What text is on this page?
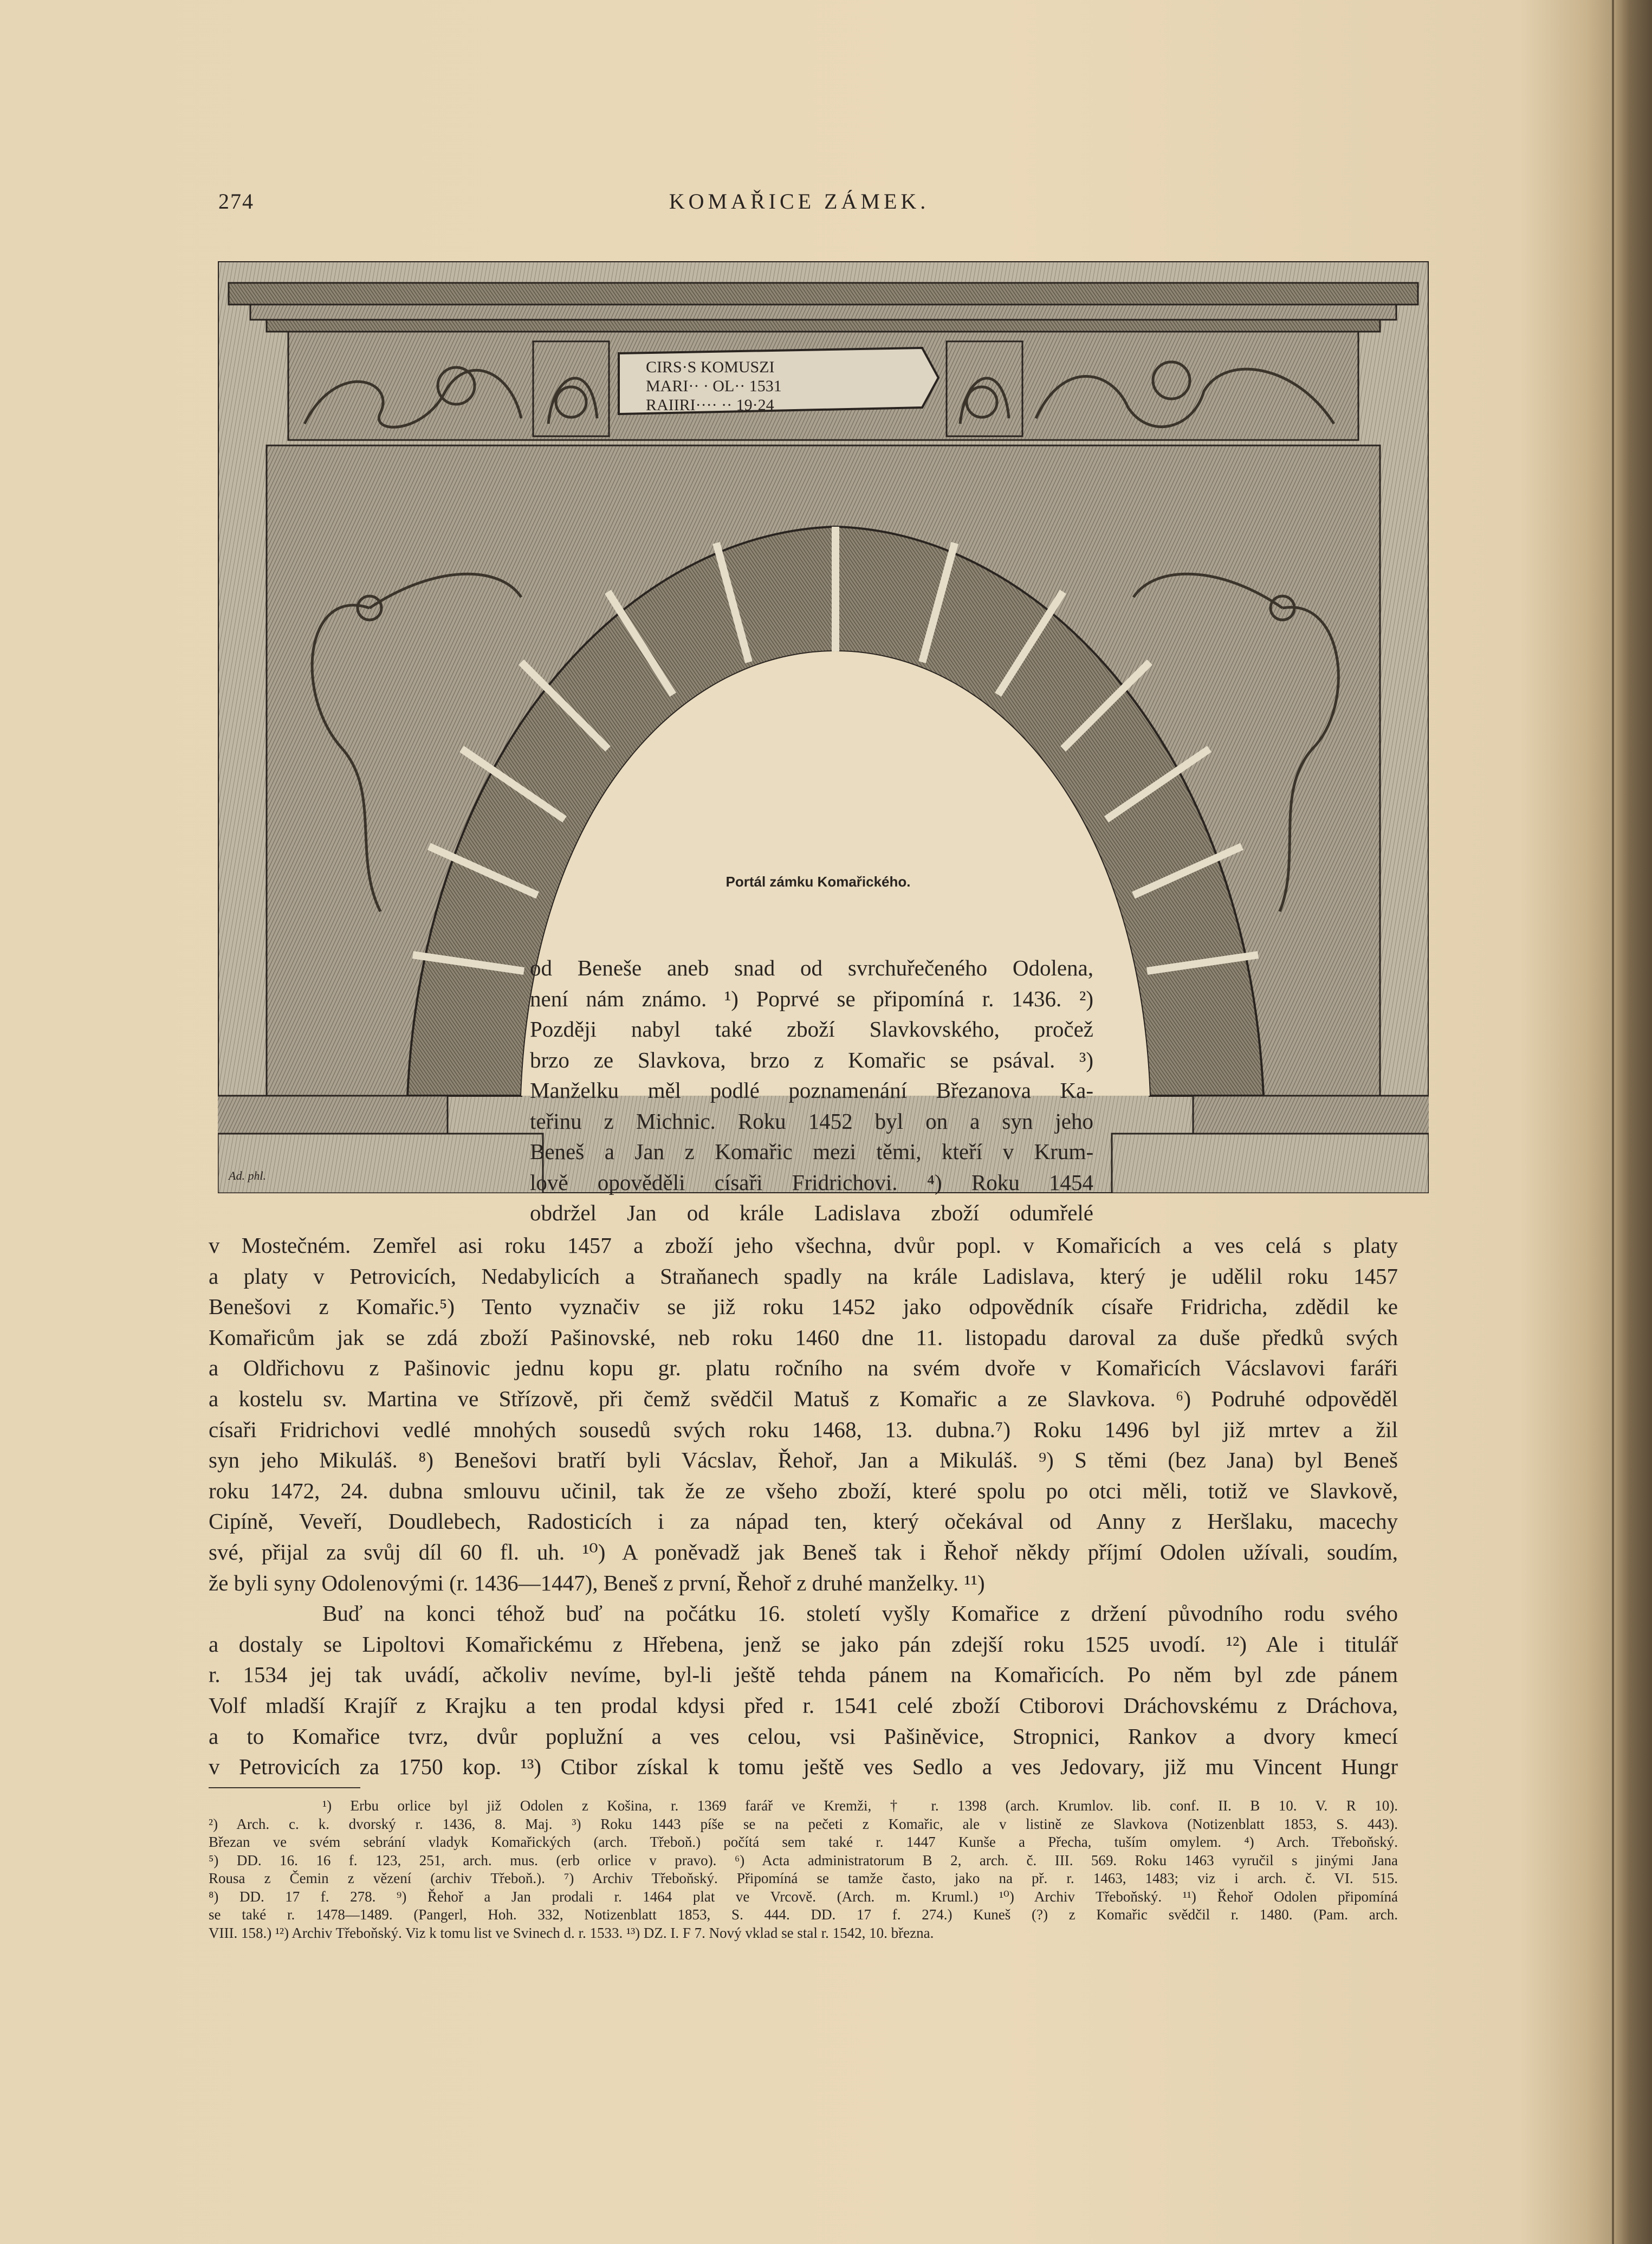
274	KOMAŘICE ZÁMEK.
CIRS·S KOMUSZI
MARI·· · OL·· 1531
RAIIRI···· ·· 19·24
Ad. phl.
Portál zámku Komařického.

od Beneše aneb snad od svrchuřečeného Odolena,

není nám známo. ¹) Poprvé se připomíná r. 1436. ²)

Později nabyl také zboží Slavkovského, pročež

brzo ze Slavkova, brzo z Komařic se psával. ³)

Manželku měl podlé poznamenání Březanova Ka-

teřinu z Michnic. Roku 1452 byl on a syn jeho

Beneš a Jan z Komařic mezi těmi, kteří v Krum-

lově opověděli císaři Fridrichovi. ⁴) Roku 1454

obdržel Jan od krále Ladislava zboží odumřelé

v Mostečném. Zemřel asi roku 1457 a zboží jeho všechna, dvůr popl. v Komařicích a ves celá s platy

a platy v Petrovicích, Nedabylicích a Straňanech spadly na krále Ladislava, který je udělil roku 1457

Benešovi z Komařic.⁵) Tento vyznačiv se již roku 1452 jako odpovědník císaře Fridricha, zdědil ke

Komařicům jak se zdá zboží Pašinovské, neb roku 1460 dne 11. listopadu daroval za duše předků svých

a Oldřichovu z Pašinovic jednu kopu gr. platu ročního na svém dvoře v Komařicích Vácslavovi faráři

a kostelu sv. Martina ve Střízově, při čemž svědčil Matuš z Komařic a ze Slavkova. ⁶) Podruhé odpověděl

císaři Fridrichovi vedlé mnohých sousedů svých roku 1468, 13. dubna.⁷) Roku 1496 byl již mrtev a žil

syn jeho Mikuláš. ⁸) Benešovi bratří byli Vácslav, Řehoř, Jan a Mikuláš. ⁹) S těmi (bez Jana) byl Beneš

roku 1472, 24. dubna smlouvu učinil, tak že ze všeho zboží, které spolu po otci měli, totiž ve Slavkově,

Cipíně, Veveří, Doudlebech, Radosticích i za nápad ten, který očekával od Anny z Heršlaku, macechy

své, přijal za svůj díl 60 fl. uh. ¹⁰) A poněvadž jak Beneš tak i Řehoř někdy příjmí Odolen užívali, soudím,

že byli syny Odolenovými (r. 1436—1447), Beneš z první, Řehoř z druhé manželky. ¹¹)

Buď na konci téhož buď na počátku 16. století vyšly Komařice z držení původního rodu svého

a dostaly se Lipoltovi Komařickému z Hřebena, jenž se jako pán zdejší roku 1525 uvodí. ¹²) Ale i titulář

r. 1534 jej tak uvádí, ačkoliv nevíme, byl-li ještě tehda pánem na Komařicích. Po něm byl zde pánem

Volf mladší Krajíř z Krajku a ten prodal kdysi před r. 1541 celé zboží Ctiborovi Dráchovskému z Dráchova,

a to Komařice tvrz, dvůr poplužní a ves celou, vsi Pašiněvice, Stropnici, Rankov a dvory kmecí

v Petrovicích za 1750 kop. ¹³) Ctibor získal k tomu ještě ves Sedlo a ves Jedovary, již mu Vincent Hungr

¹) Erbu orlice byl již Odolen z Košina, r. 1369 farář ve Kremži, † r. 1398 (arch. Krumlov. lib. conf. II. B 10. V. R 10).

²) Arch. c. k. dvorský r. 1436, 8. Maj. ³) Roku 1443 píše se na pečeti z Komařic, ale v listině ze Slavkova (Notizenblatt 1853, S. 443).

Březan ve svém sebrání vladyk Komařických (arch. Třeboň.) počítá sem také r. 1447 Kunše a Přecha, tuším omylem. ⁴) Arch. Třeboňský.

⁵) DD. 16. 16 f. 123, 251, arch. mus. (erb orlice v pravo). ⁶) Acta administratorum B 2, arch. č. III. 569. Roku 1463 vyručil s jinými Jana

Rousa z Čemin z vězení (archiv Třeboň.). ⁷) Archiv Třeboňský. Připomíná se tamže často, jako na př. r. 1463, 1483; viz i arch. č. VI. 515.

⁸) DD. 17 f. 278. ⁹) Řehoř a Jan prodali r. 1464 plat ve Vrcově. (Arch. m. Kruml.) ¹⁰) Archiv Třeboňský. ¹¹) Řehoř Odolen připomíná

se také r. 1478—1489. (Pangerl, Hoh. 332, Notizenblatt 1853, S. 444. DD. 17 f. 274.) Kuneš (?) z Komařic svědčil r. 1480. (Pam. arch.

VIII. 158.) ¹²) Archiv Třeboňský. Viz k tomu list ve Svinech d. r. 1533. ¹³) DZ. I. F 7. Nový vklad se stal r. 1542, 10. března.
